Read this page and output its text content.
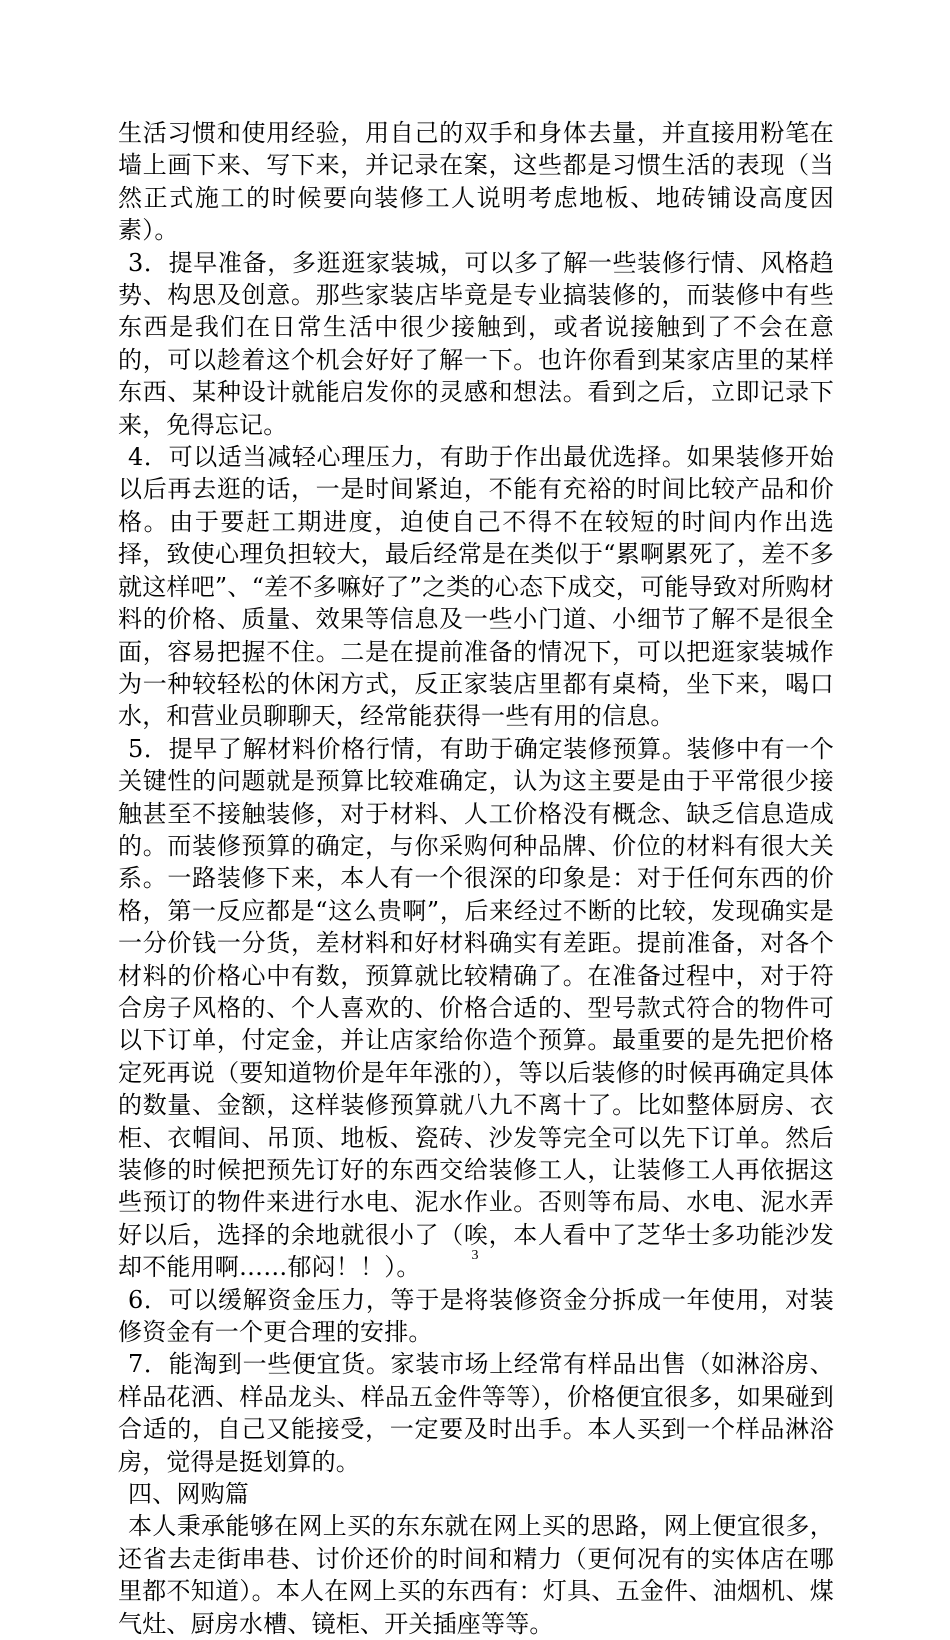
生活习惯和使用经验，用自己的双手和身体去量，并直接用粉笔在墙上画下来、写下来，并记录在案，这些都是习惯生活的表现（当然正式施工的时候要向装修工人说明考虑地板、地砖铺设高度因素）。

3．提早准备，多逛逛家装城，可以多了解一些装修行情、风格趋势、构思及创意。那些家装店毕竟是专业搞装修的，而装修中有些东西是我们在日常生活中很少接触到，或者说接触到了不会在意的，可以趁着这个机会好好了解一下。也许你看到某家店里的某样东西、某种设计就能启发你的灵感和想法。看到之后，立即记录下来，免得忘记。

4．可以适当减轻心理压力，有助于作出最优选择。如果装修开始以后再去逛的话，一是时间紧迫，不能有充裕的时间比较产品和价格。由于要赶工期进度，迫使自己不得不在较短的时间内作出选择，致使心理负担较大，最后经常是在类似于“累啊累死了，差不多就这样吧”、“差不多嘛好了”之类的心态下成交，可能导致对所购材料的价格、质量、效果等信息及一些小门道、小细节了解不是很全面，容易把握不住。二是在提前准备的情况下，可以把逛家装城作为一种较轻松的休闲方式，反正家装店里都有桌椅，坐下来，喝口水，和营业员聊聊天，经常能获得一些有用的信息。

5．提早了解材料价格行情，有助于确定装修预算。装修中有一个关键性的问题就是预算比较难确定，认为这主要是由于平常很少接触甚至不接触装修，对于材料、人工价格没有概念、缺乏信息造成的。而装修预算的确定，与你采购何种品牌、价位的材料有很大关系。一路装修下来，本人有一个很深的印象是：对于任何东西的价格，第一反应都是“这么贵啊”，后来经过不断的比较，发现确实是一分价钱一分货，差材料和好材料确实有差距。提前准备，对各个材料的价格心中有数，预算就比较精确了。在准备过程中，对于符合房子风格的、个人喜欢的、价格合适的、型号款式符合的物件可以下订单，付定金，并让店家给你造个预算。最重要的是先把价格定死再说（要知道物价是年年涨的），等以后装修的时候再确定具体的数量、金额，这样装修预算就八九不离十了。比如整体厨房、衣柜、衣帽间、吊顶、地板、瓷砖、沙发等完全可以先下订单。然后装修的时候把预先订好的东西交给装修工人，让装修工人再依据这些预订的物件来进行水电、泥水作业。否则等布局、水电、泥水弄好以后，选择的余地就很小了（唉，本人看中了芝华士多功能沙发却不能用啊……郁闷！！）。

6．可以缓解资金压力，等于是将装修资金分拆成一年使用，对装修资金有一个更合理的安排。

7．能淘到一些便宜货。家装市场上经常有样品出售（如淋浴房、样品花洒、样品龙头、样品五金件等等），价格便宜很多，如果碰到合适的，自己又能接受，一定要及时出手。本人买到一个样品淋浴房，觉得是挺划算的。

四、网购篇

本人秉承能够在网上买的东东就在网上买的思路，网上便宜很多，还省去走街串巷、讨价还价的时间和精力（更何况有的实体店在哪里都不知道）。本人在网上买的东西有：灯具、五金件、油烟机、煤气灶、厨房水槽、镜柜、开关插座等等。

3
